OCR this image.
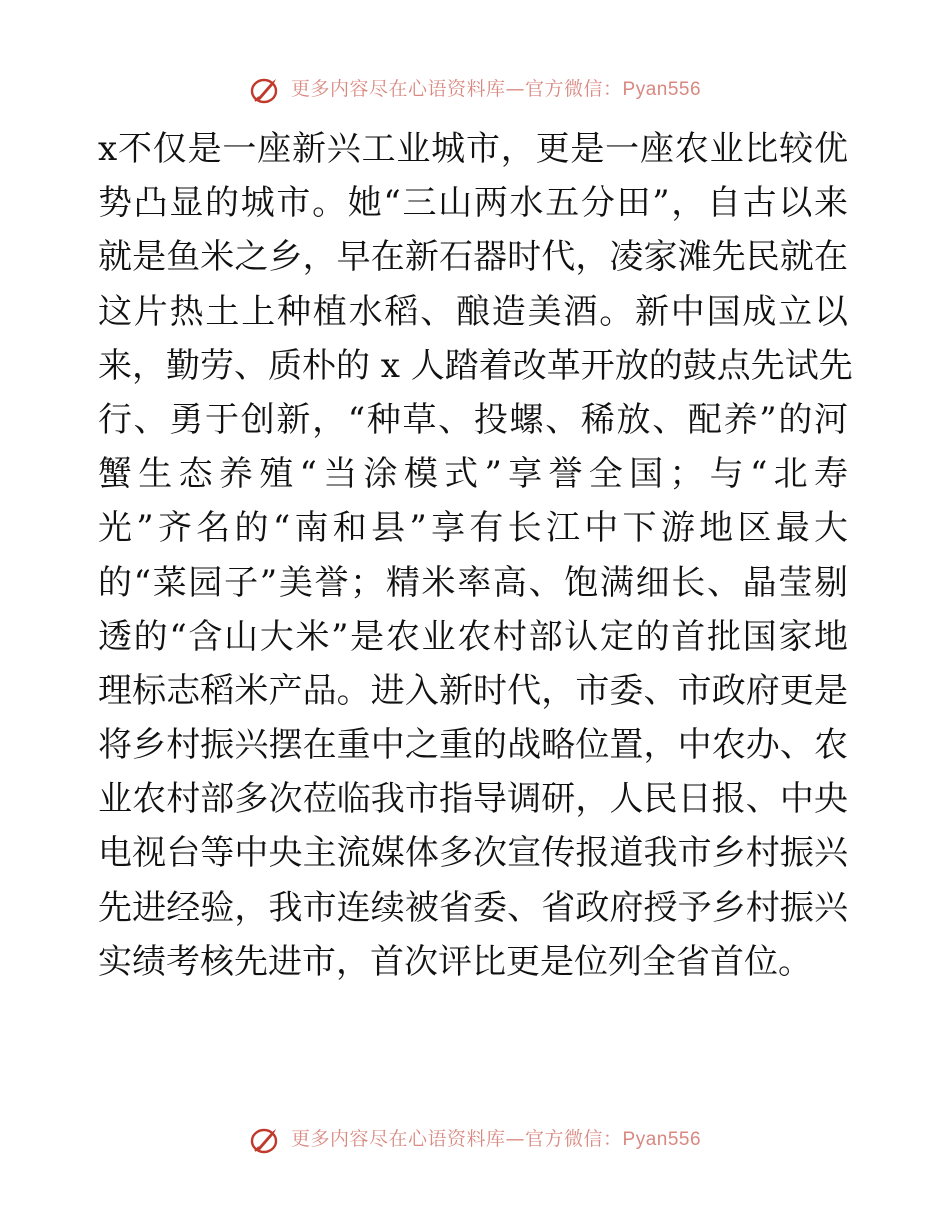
更多内容尽在心语资料库—官方微信：Pyan556
x不仅是一座新兴工业城市，更是一座农业比较优
势凸显的城市。她“三山两水五分田”，自古以来
就是鱼米之乡，早在新石器时代，凌家滩先民就在
这片热土上种植水稻、酿造美酒。新中国成立以
来，勤劳、质朴的 x 人踏着改革开放的鼓点先试先
行、勇于创新，“种草、投螺、稀放、配养”的河
蟹生态养殖“当涂模式”享誉全国；与“北寿
光”齐名的“南和县”享有长江中下游地区最大
的“菜园子”美誉；精米率高、饱满细长、晶莹剔
透的“含山大米”是农业农村部认定的首批国家地
理标志稻米产品。进入新时代，市委、市政府更是
将乡村振兴摆在重中之重的战略位置，中农办、农
业农村部多次莅临我市指导调研，人民日报、中央
电视台等中央主流媒体多次宣传报道我市乡村振兴
先进经验，我市连续被省委、省政府授予乡村振兴
实绩考核先进市，首次评比更是位列全省首位。
更多内容尽在心语资料库—官方微信：Pyan556
